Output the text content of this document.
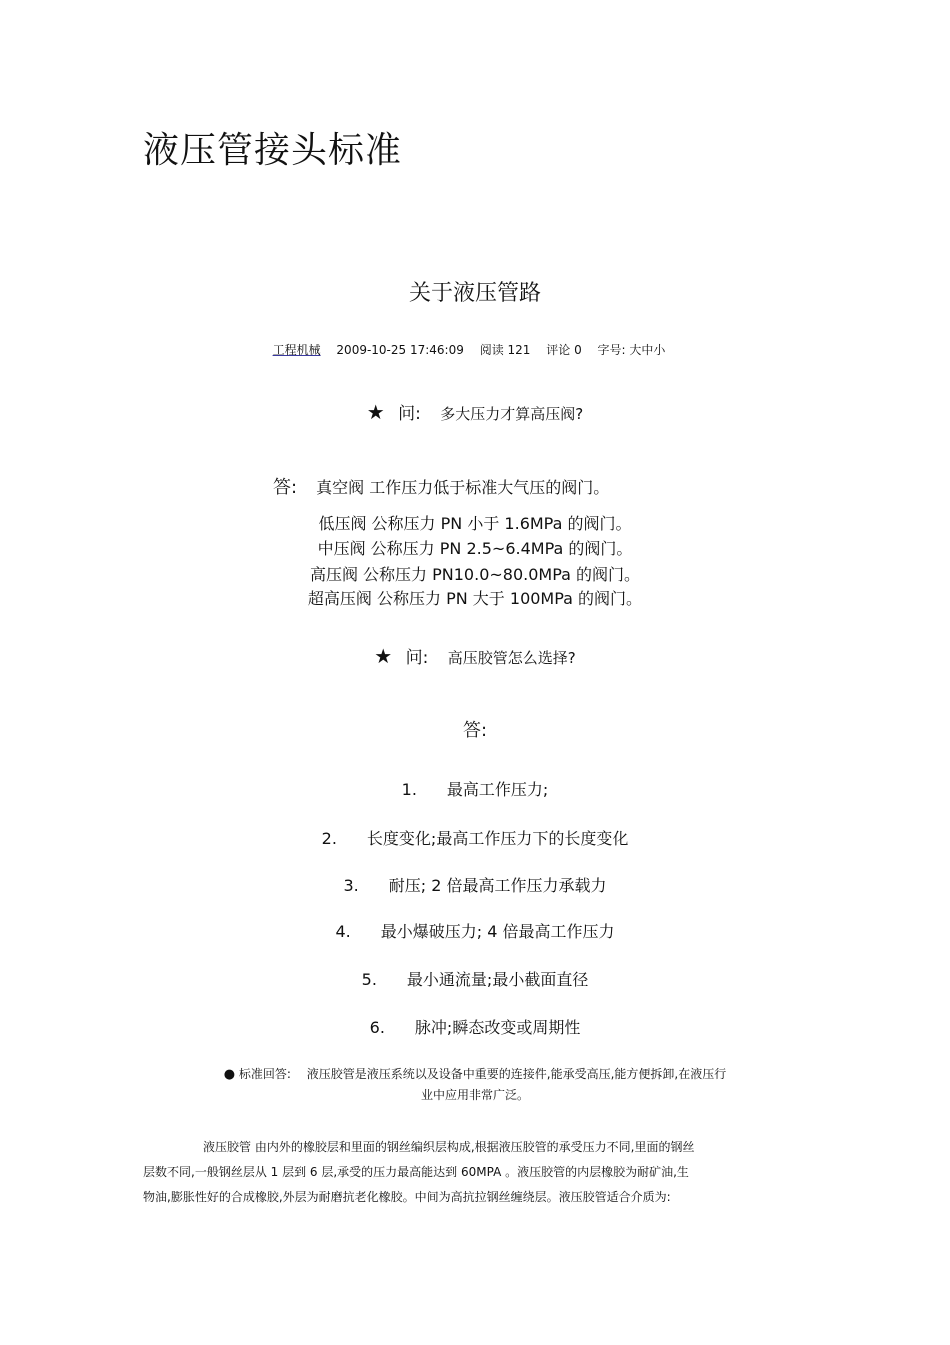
液压管接头标准
关于液压管路
工程机械 2009-10-25 17:46:09 阅读 121 评论 0 字号: 大中小
★ 问: 多大压力才算高压阀?
答: 真空阀 工作压力低于标准大气压的阀门。
低压阀 公称压力 PN 小于 1.6MPa 的阀门。
中压阀 公称压力 PN 2.5~6.4MPa 的阀门。
高压阀 公称压力 PN10.0~80.0MPa 的阀门。
超高压阀 公称压力 PN 大于 100MPa 的阀门。
★ 问: 高压胶管怎么选择?
答:
1. 最高工作压力;
2. 长度变化;最高工作压力下的长度变化
3. 耐压; 2 倍最高工作压力承载力
4. 最小爆破压力; 4 倍最高工作压力
5. 最小通流量;最小截面直径
6. 脉冲;瞬态改变或周期性
● 标准回答: 液压胶管是液压系统以及设备中重要的连接件,能承受高压,能方便拆卸,在液压行
业中应用非常广泛。
液压胶管 由内外的橡胶层和里面的钢丝编织层构成,根据液压胶管的承受压力不同,里面的钢丝
层数不同,一般钢丝层从 1 层到 6 层,承受的压力最高能达到 60MPA 。液压胶管的内层橡胶为耐矿油,生
物油,膨胀性好的合成橡胶,外层为耐磨抗老化橡胶。中间为高抗拉钢丝缠绕层。液压胶管适合介质为:
